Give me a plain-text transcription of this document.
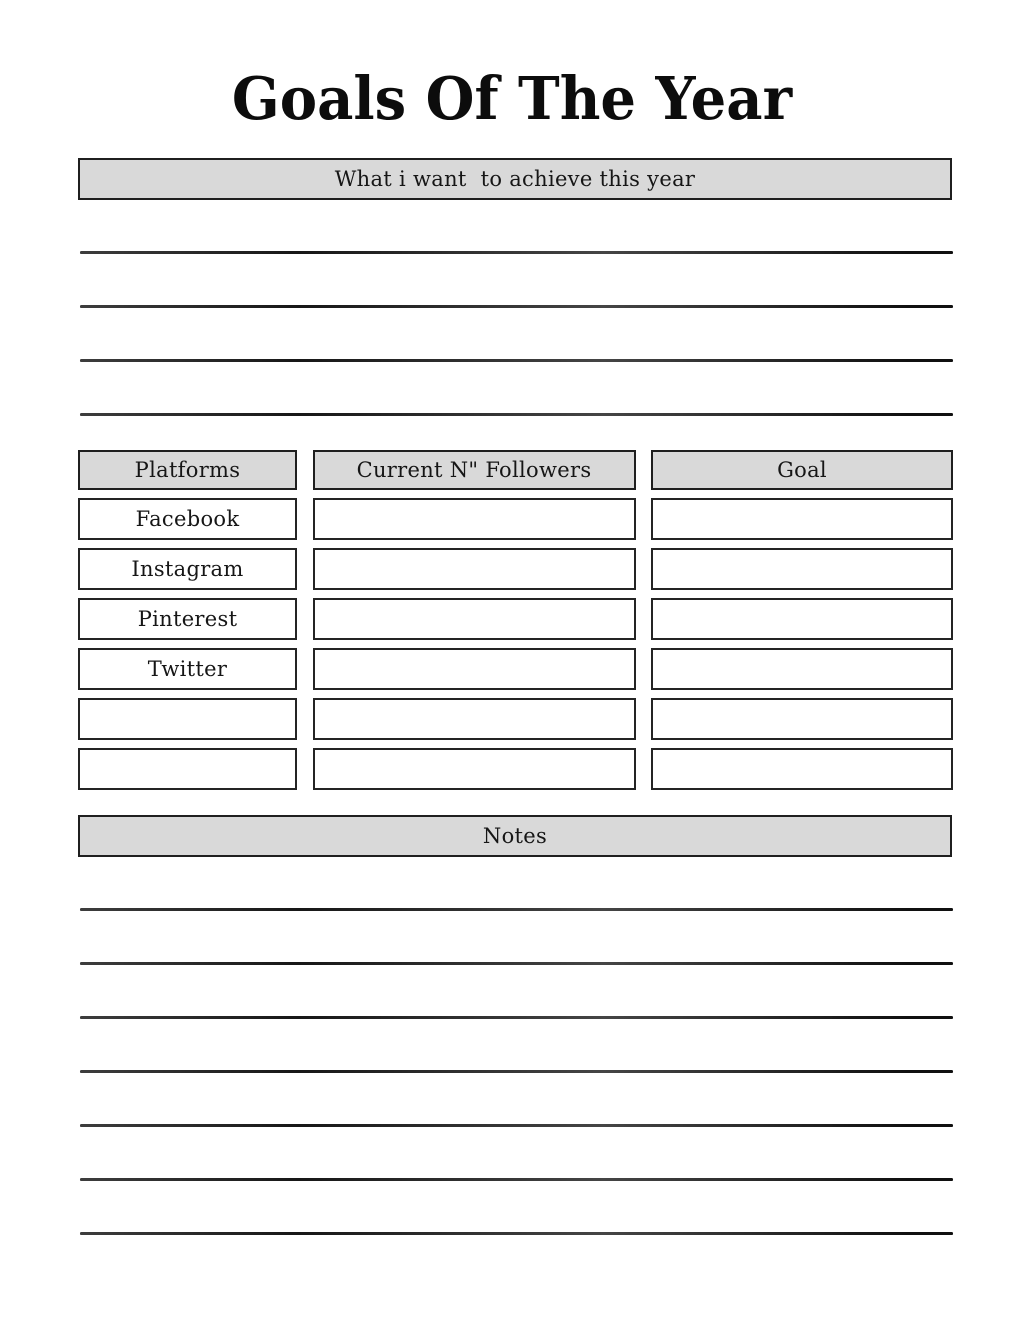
Goals Of The Year
What i want  to achieve this year
Platforms	Current N" Followers	Goal
Facebook
Instagram
Pinterest
Twitter
Notes
